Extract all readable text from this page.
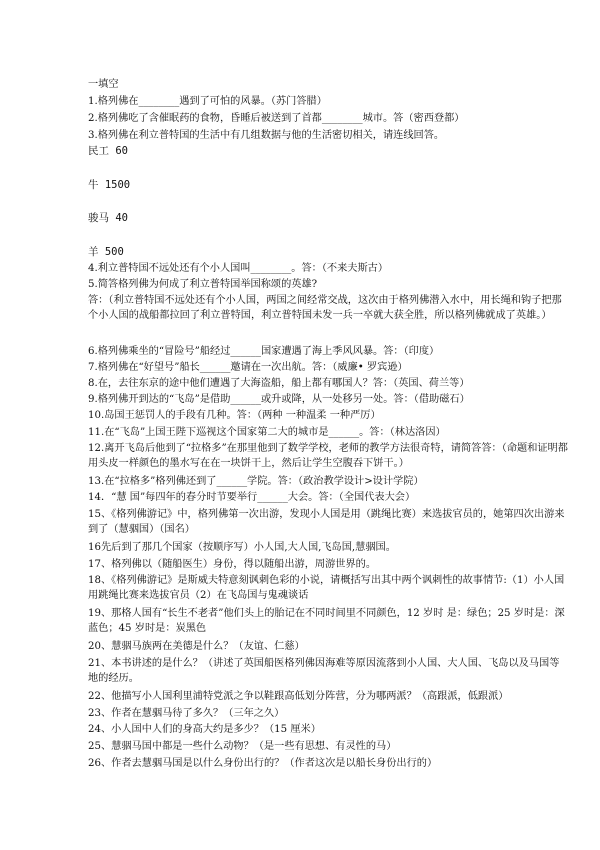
一填空
1.格列佛在________遇到了可怕的风暴。（苏门答腊）
2.格列佛吃了含催眠药的食物，昏睡后被送到了首都________城市。答（密西登都）
3.格列佛在利立普特国的生活中有几组数据与他的生活密切相关，请连线回答。
民工 60
牛 1500
骏马 40
羊 500
4.利立普特国不远处还有个小人国叫________。答：（不来夫斯古）
5.简答格列佛为何成了利立普特国举国称颂的英雄?
答：（利立普特国不远处还有个小人国，两国之间经常交战，这次由于格列佛潜入水中，用长绳和钩子把那个小人国的战船都拉回了利立普特国，利立普特国未发一兵一卒就大获全胜，所以格列佛就成了英雄。）
6.格列佛乘坐的“冒险号”船经过______国家遭遇了海上季风风暴。答：（印度）
7.格列佛在“好望号”船长______邀请在一次出航。答：（威廉• 罗宾逊）
8.在，去往东京的途中他们遭遇了大海盗船，船上都有哪国人？答：（英国、荷兰等）
9.格列佛开到达的“飞岛”是借助______或升或降，从一处移另一处。答：（借助磁石）
10.岛国王惩罚人的手段有几种。答：（两种 一种温柔 一种严厉）
11.在“飞岛”上国王陛下巡视这个国家第二大的城市是______。答：（林达洛因）
12.离开飞岛后他到了“拉格多”在那里他到了数学学校，老师的教学方法很奇特，请简答答：（命题和证明都用头皮一样颜色的墨水写在在一块饼干上，然后让学生空腹吞下饼干。）
13.在“拉格多”格列佛还到了______学院。答：（政治教学设计>设计学院）
14．“慧 国”每四年的春分时节要举行______大会。答：（全国代表大会）
15、《格列佛游记》中，格列佛第一次出游，发现小人国是用（跳绳比赛）来选拔官员的，她第四次出游来到了（慧骃国）（国名）
16先后到了那几个国家（按顺序写）小人国,大人国,飞岛国,慧骃国。
17、格列佛以（随船医生）身份，得以随船出游，周游世界的。
18、《格列佛游记》是斯威夫特意刻讽刺色彩的小说，请概括写出其中两个讽刺性的故事情节:（1）小人国用跳绳比赛来选拔官员（2）在飞岛国与鬼魂谈话
19、那格人国有“长生不老者”他们头上的胎记在不同时间里不同颜色，12 岁时 是：绿色；25 岁时是：深蓝色；45 岁时是：炭黑色
20、慧骃马族两在美德是什么？（友谊、仁慈）
21、本书讲述的是什么？（讲述了英国船医格列佛因海难等原因流落到小人国、大人国、飞岛以及马国等地的经历。
22、他描写小人国利里浦特党派之争以鞋跟高低划分阵营，分为哪两派？（高跟派，低跟派）
23、作者在慧骃马待了多久？（三年之久）
24、小人国中人们的身高大约是多少？（15 厘米）
25、慧骃马国中都是一些什么动物？（是一些有思想、有灵性的马）
26、作者去慧骃马国是以什么身份出行的？（作者这次是以船长身份出行的）
